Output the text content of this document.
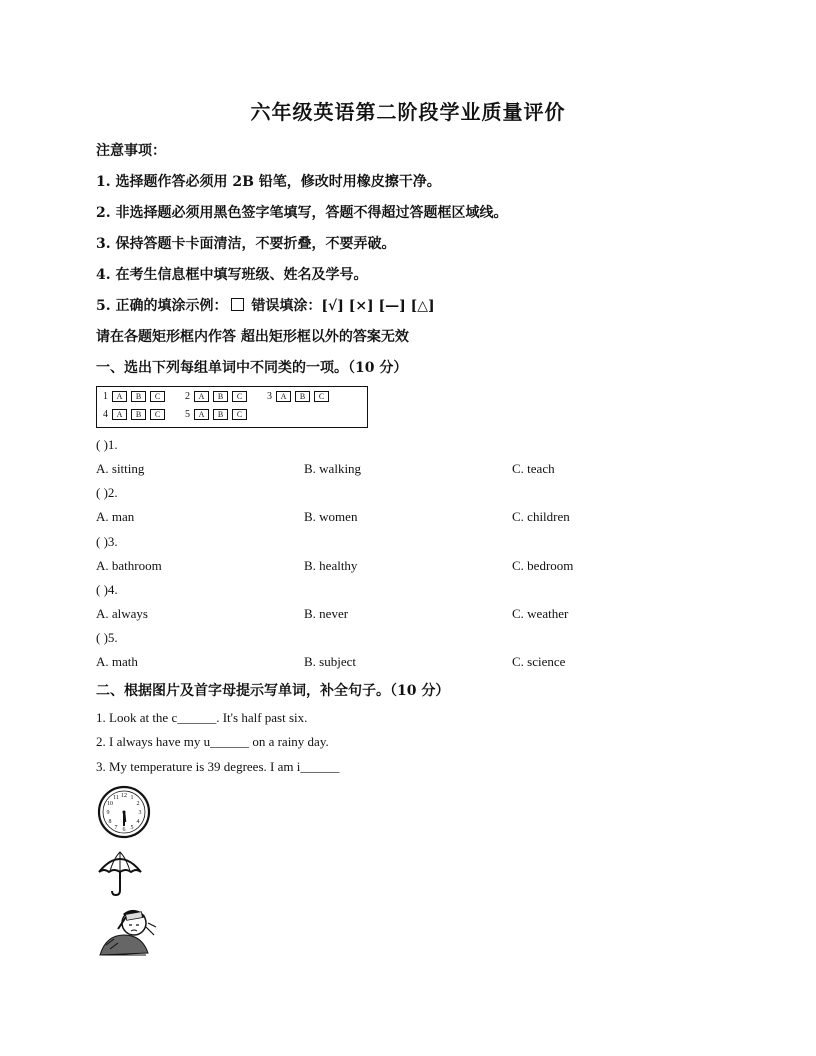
六年级英语第二阶段学业质量评价
注意事项：
1. 选择题作答必须用 2B 铅笔，修改时用橡皮擦干净。
2. 非选择题必须用黑色签字笔填写，答题不得超过答题框区域线。
3. 保持答题卡卡面清洁，不要折叠，不要弄破。
4. 在考生信息框中填写班级、姓名及学号。
5. 正确的填涂示例： 错误填涂：[√] [×] [—] [△]
请在各题矩形框内作答 超出矩形框以外的答案无效
一、选出下列每组单词中不同类的一项。（10 分）
1	A	B	C	2	A	B	C	3	A	B	C
4	A	B	C	5	A	B	C
( )1.
A. sitting	B. walking	C. teach
( )2.
A. man	B. women	C. children
( )3.
A. bathroom	B. healthy	C. bedroom
( )4.
A. always	B. never	C. weather
( )5.
A. math	B. subject	C. science
二、根据图片及首字母提示写单词，补全句子。（10 分）
1. Look at the c______. It's half past six.
2. I always have my u______ on a rainy day.
3. My temperature is 39 degrees. I am i______
12 1
2
3
4
5
6
7
8
9
10
11
